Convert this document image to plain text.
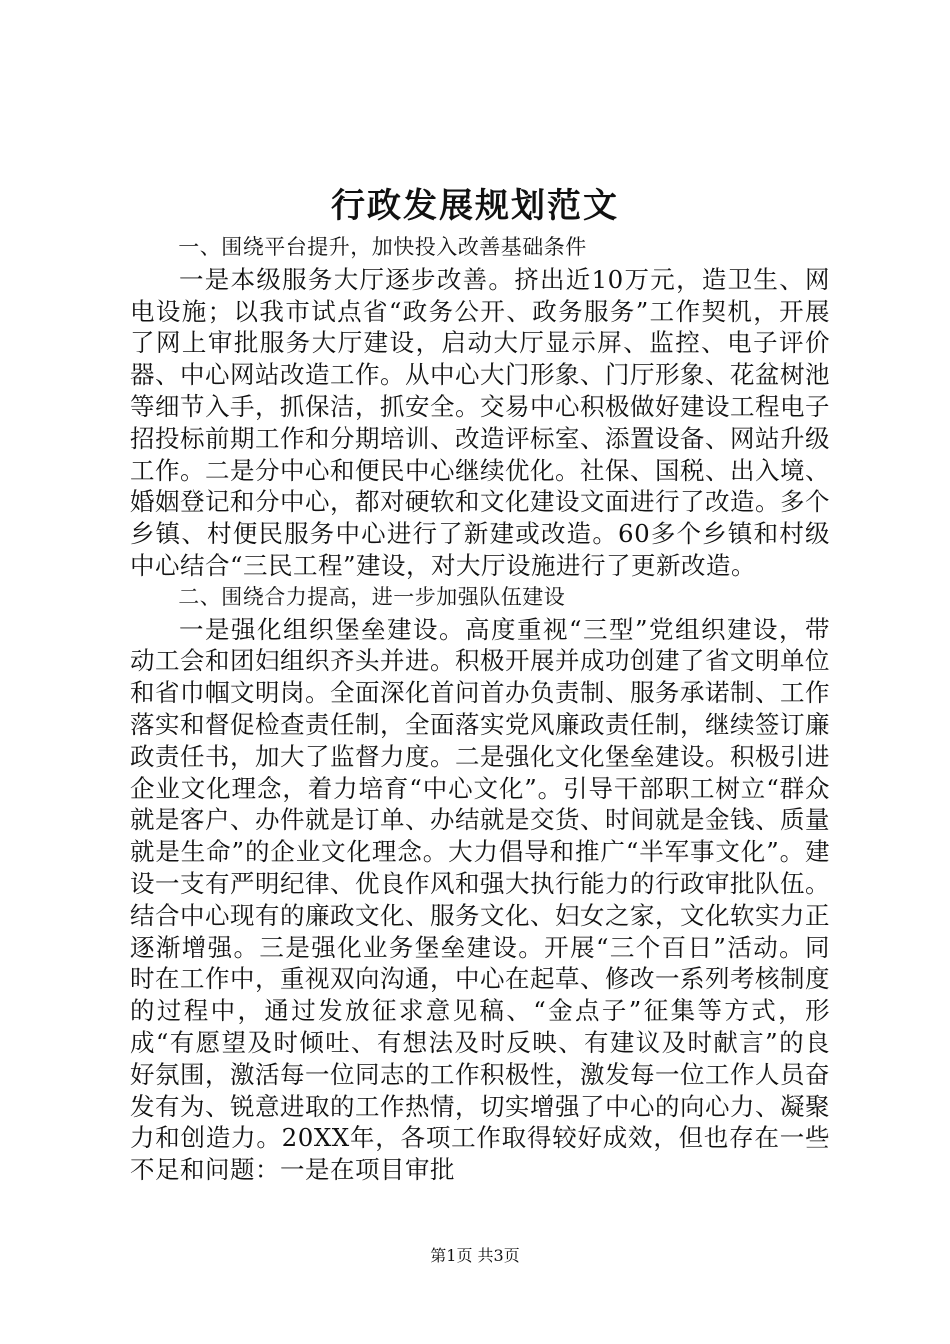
行政发展规划范文

一、围绕平台提升，加快投入改善基础条件

一是本级服务大厅逐步改善。挤出近10万元，造卫生、网电设施；以我市试点省“政务公开、政务服务”工作契机，开展了网上审批服务大厅建设，启动大厅显示屏、监控、电子评价器、中心网站改造工作。从中心大门形象、门厅形象、花盆树池等细节入手，抓保洁，抓安全。交易中心积极做好建设工程电子招投标前期工作和分期培训、改造评标室、添置设备、网站升级工作。二是分中心和便民中心继续优化。社保、国税、出入境、婚姻登记和分中心，都对硬软和文化建设文面进行了改造。多个乡镇、村便民服务中心进行了新建或改造。60多个乡镇和村级中心结合“三民工程”建设，对大厅设施进行了更新改造。

二、围绕合力提高，进一步加强队伍建设

一是强化组织堡垒建设。高度重视“三型”党组织建设，带动工会和团妇组织齐头并进。积极开展并成功创建了省文明单位和省巾帼文明岗。全面深化首问首办负责制、服务承诺制、工作落实和督促检查责任制，全面落实党风廉政责任制，继续签订廉政责任书，加大了监督力度。二是强化文化堡垒建设。积极引进企业文化理念，着力培育“中心文化”。引导干部职工树立“群众就是客户、办件就是订单、办结就是交货、时间就是金钱、质量就是生命”的企业文化理念。大力倡导和推广“半军事文化”。建设一支有严明纪律、优良作风和强大执行能力的行政审批队伍。结合中心现有的廉政文化、服务文化、妇女之家，文化软实力正逐渐增强。三是强化业务堡垒建设。开展“三个百日”活动。同时在工作中，重视双向沟通，中心在起草、修改一系列考核制度的过程中，通过发放征求意见稿、“金点子”征集等方式，形成“有愿望及时倾吐、有想法及时反映、有建议及时献言”的良好氛围，激活每一位同志的工作积极性，激发每一位工作人员奋发有为、锐意进取的工作热情，切实增强了中心的向心力、凝聚力和创造力。20XX年，各项工作取得较好成效，但也存在一些不足和问题：一是在项目审批

第1页 共3页
